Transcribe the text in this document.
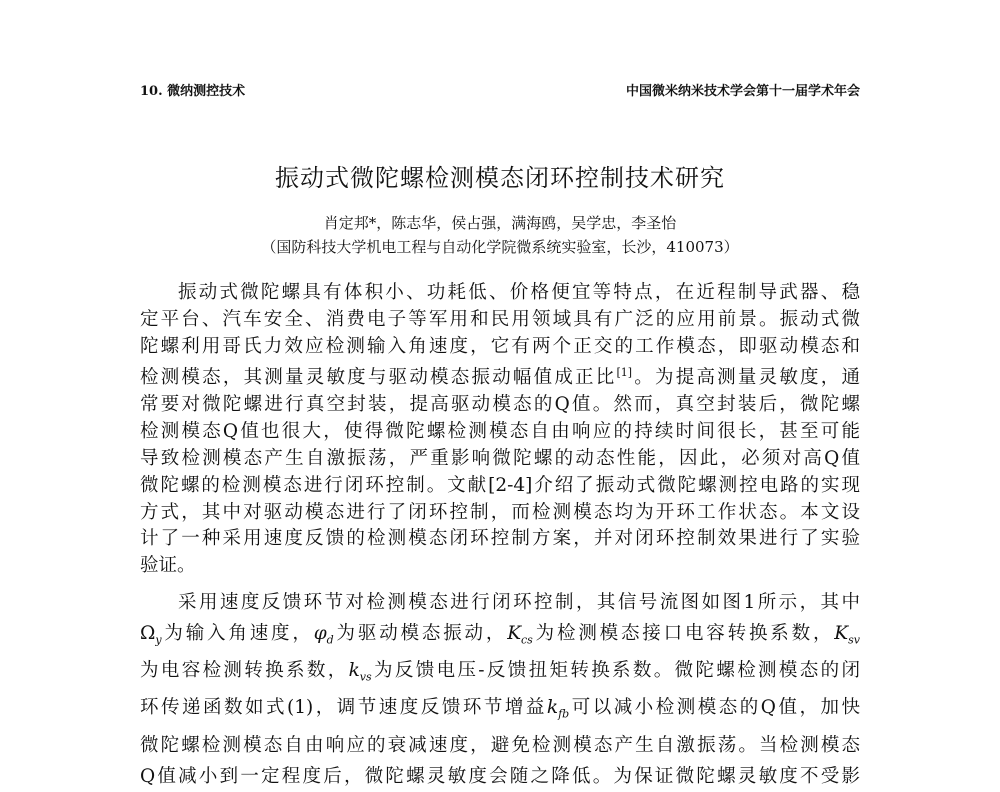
10. 微纳测控技术	中国微米纳米技术学会第十一届学术年会
振动式微陀螺检测模态闭环控制技术研究
肖定邦*，陈志华，侯占强，满海鸥，吴学忠，李圣怡
（国防科技大学机电工程与自动化学院微系统实验室，长沙，410073）
振动式微陀螺具有体积小、功耗低、价格便宜等特点，在近程制导武器、稳
定平台、汽车安全、消费电子等军用和民用领域具有广泛的应用前景。振动式微
陀螺利用哥氏力效应检测输入角速度，它有两个正交的工作模态，即驱动模态和
检测模态，其测量灵敏度与驱动模态振动幅值成正比[1]。为提高测量灵敏度，通
常要对微陀螺进行真空封装，提高驱动模态的Q值。然而，真空封装后，微陀螺
检测模态Q值也很大，使得微陀螺检测模态自由响应的持续时间很长，甚至可能
导致检测模态产生自激振荡，严重影响微陀螺的动态性能，因此，必须对高Q值
微陀螺的检测模态进行闭环控制。文献[2-4]介绍了振动式微陀螺测控电路的实现
方式，其中对驱动模态进行了闭环控制，而检测模态均为开环工作状态。本文设
计了一种采用速度反馈的检测模态闭环控制方案，并对闭环控制效果进行了实验
验证。
采用速度反馈环节对检测模态进行闭环控制，其信号流图如图1所示，其中
$\Omega_y$为输入角速度，$\varphi_d$为驱动模态振动，$K_{cs}$为检测模态接口电容转换系数，$K_{sv}$
为电容检测转换系数，$k_{vs}$为反馈电压-反馈扭矩转换系数。微陀螺检测模态的闭
环传递函数如式(1)，调节速度反馈环节增益$k_{fb}$可以减小检测模态的Q值，加快
微陀螺检测模态自由响应的衰减速度，避免检测模态产生自激振荡。当检测模态
Q值减小到一定程度后，微陀螺灵敏度会随之降低。为保证微陀螺灵敏度不受影
